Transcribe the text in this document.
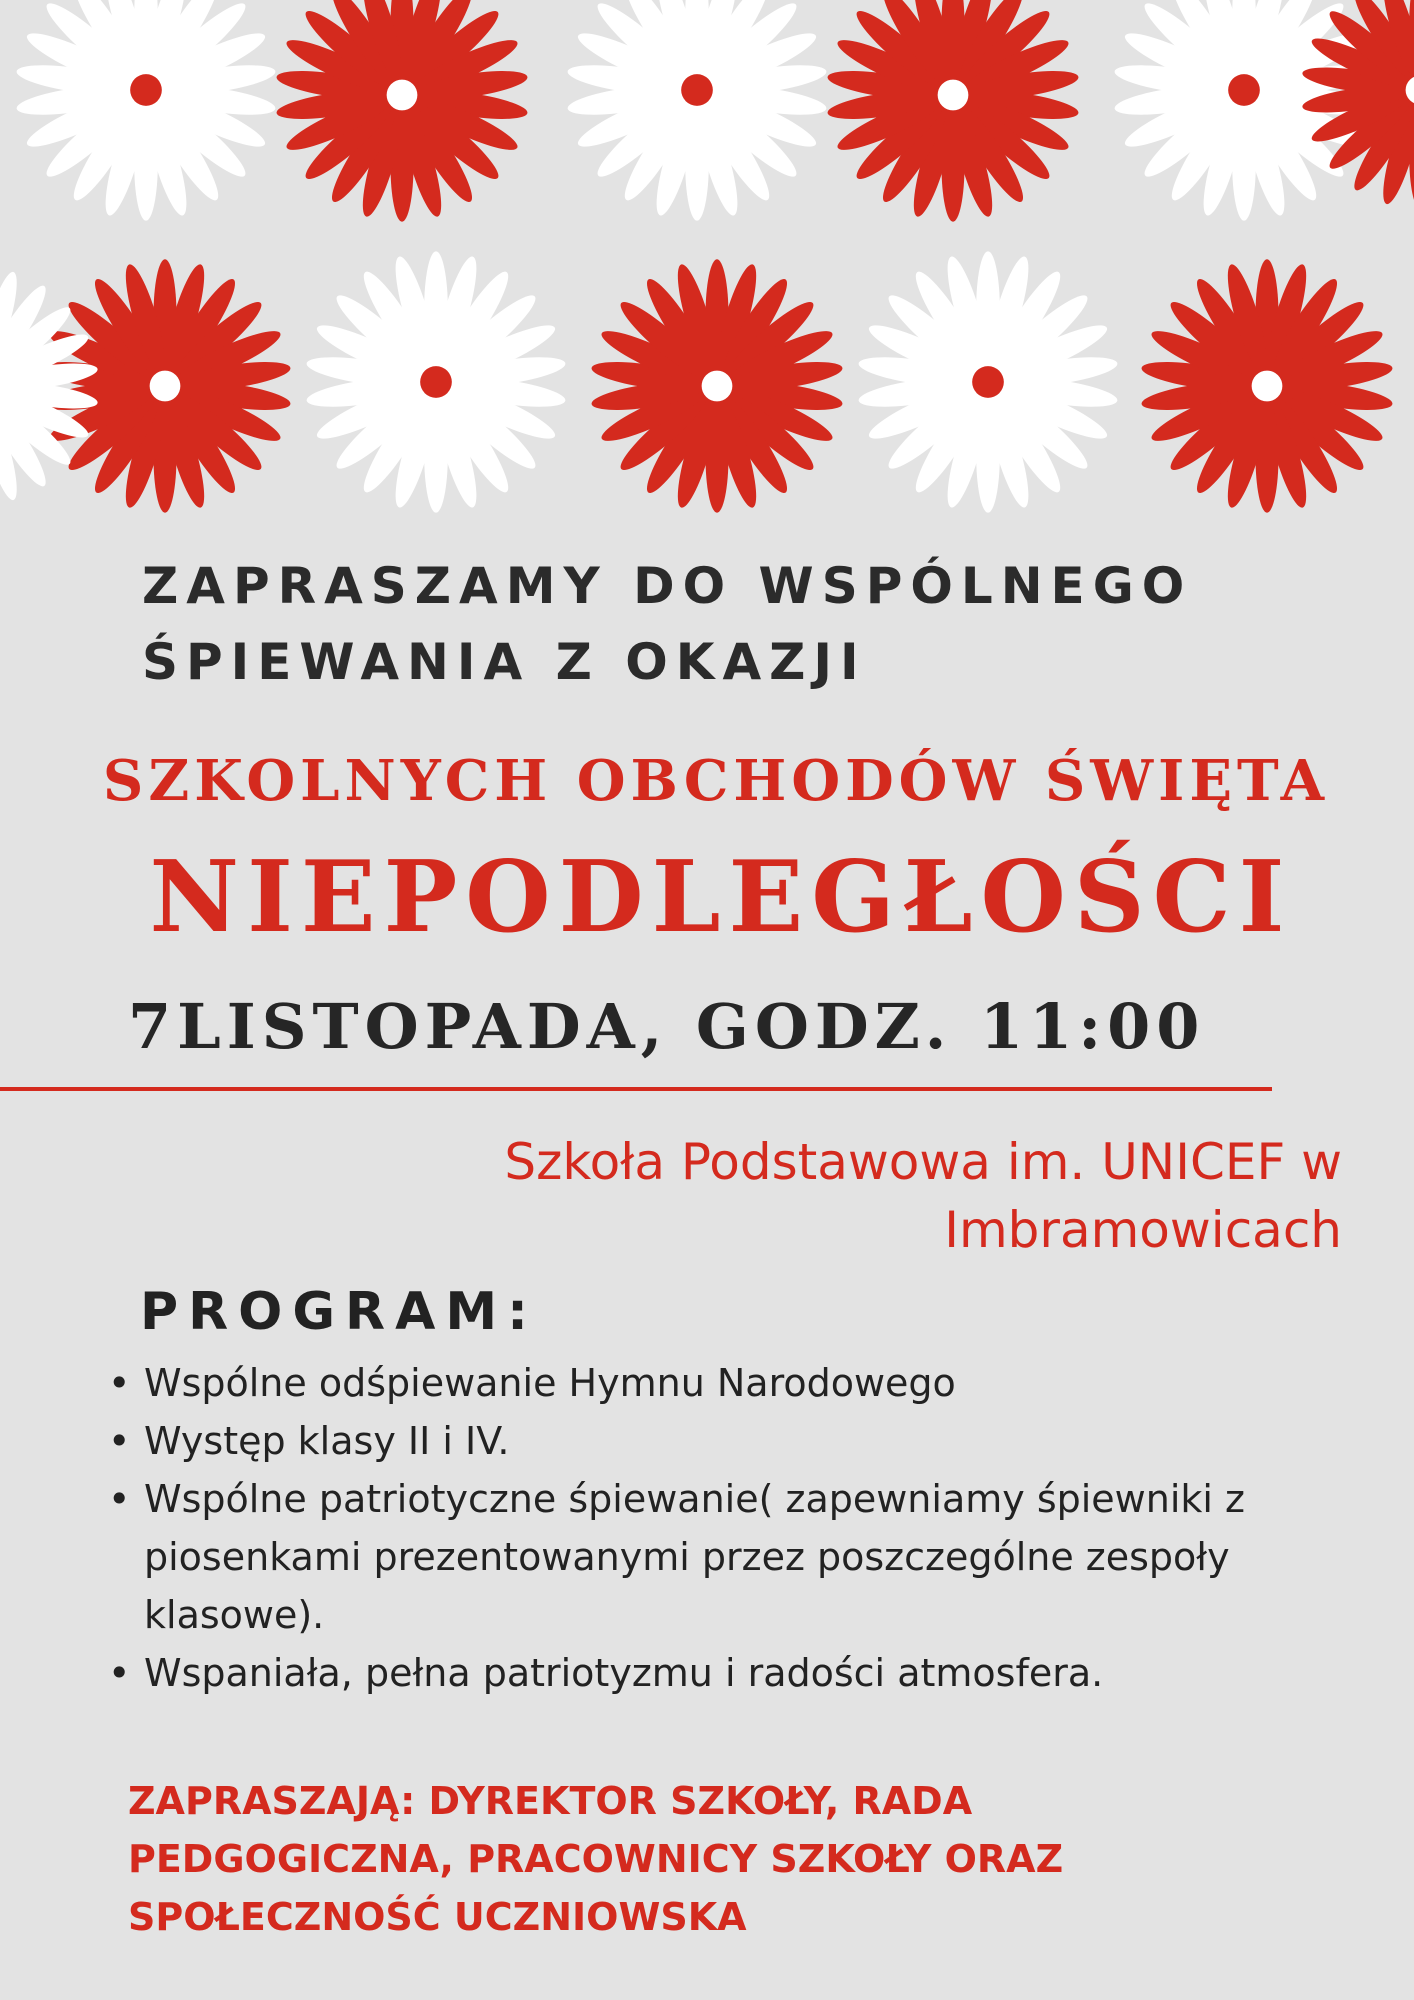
ZAPRASZAMY DO WSPÓLNEGO
ŚPIEWANIA Z OKAZJI
SZKOLNYCH OBCHODÓW ŚWIĘTA
NIEPODLEGŁOŚCI
7LISTOPADA, GODZ. 11:00

Szkoła Podstawowa im. UNICEF w
Imbramowicach

PROGRAM:
• Wspólne odśpiewanie Hymnu Narodowego
• Występ klasy II i IV.
• Wspólne patriotyczne śpiewanie( zapewniamy śpiewniki z piosenkami prezentowanymi przez poszczególne zespoły klasowe).
• Wspaniała, pełna patriotyzmu i radości atmosfera.

ZAPRASZAJĄ: DYREKTOR SZKOŁY, RADA
PEDGOGICZNA, PRACOWNICY SZKOŁY ORAZ
SPOŁECZNOŚĆ UCZNIOWSKA
